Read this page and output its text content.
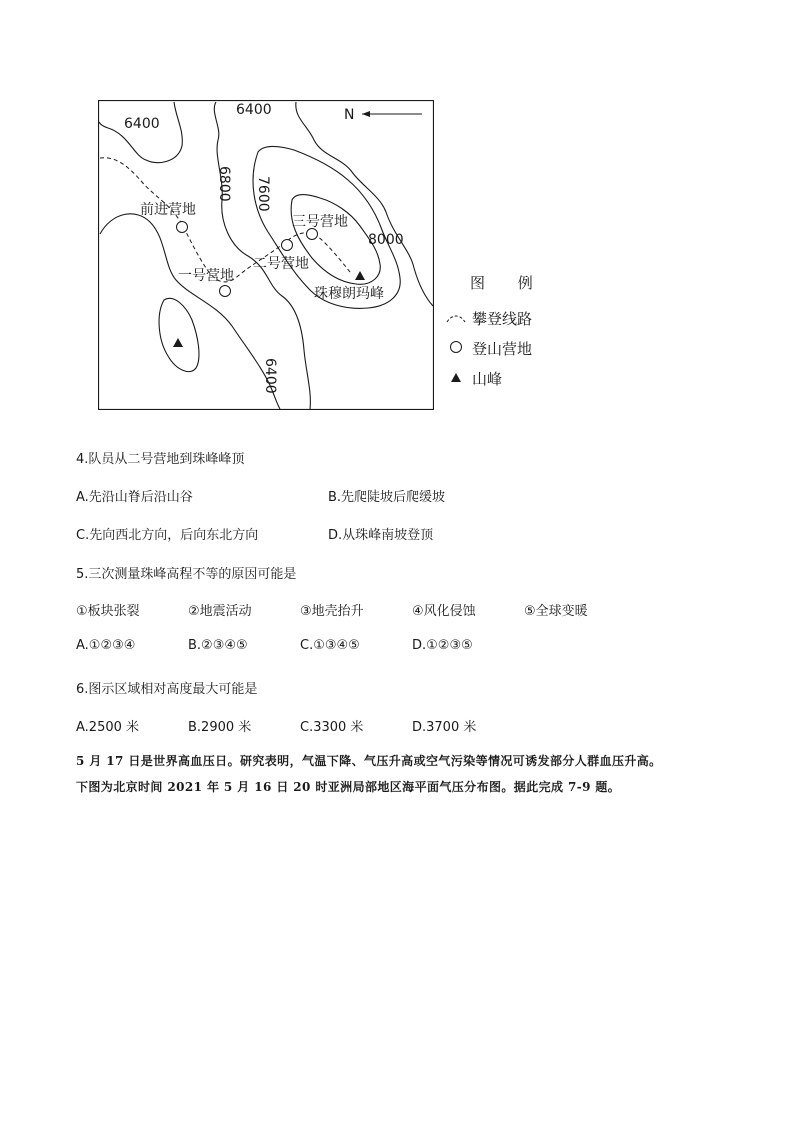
N
6400
6400
6800 7600
8000
6400
前进营地
一号营地
二号营地
三号营地
珠穆朗玛峰
图 例
攀登线路
登山营地
山峰
4.队员从二号营地到珠峰峰顶
A.先沿山脊后沿山谷	B.先爬陡坡后爬缓坡
C.先向西北方向，后向东北方向	D.从珠峰南坡登顶
5.三次测量珠峰高程不等的原因可能是
①板块张裂	②地震活动	③地壳抬升	④风化侵蚀	⑤全球变暖
A.①②③④	B.②③④⑤	C.①③④⑤	D.①②③⑤
6.图示区域相对高度最大可能是
A.2500 米	B.2900 米	C.3300 米	D.3700 米
5 月 17 日是世界高血压日。研究表明，气温下降、气压升高或空气污染等情况可诱发部分人群血压升高。
下图为北京时间 2021 年 5 月 16 日 20 时亚洲局部地区海平面气压分布图。据此完成 7-9 题。
